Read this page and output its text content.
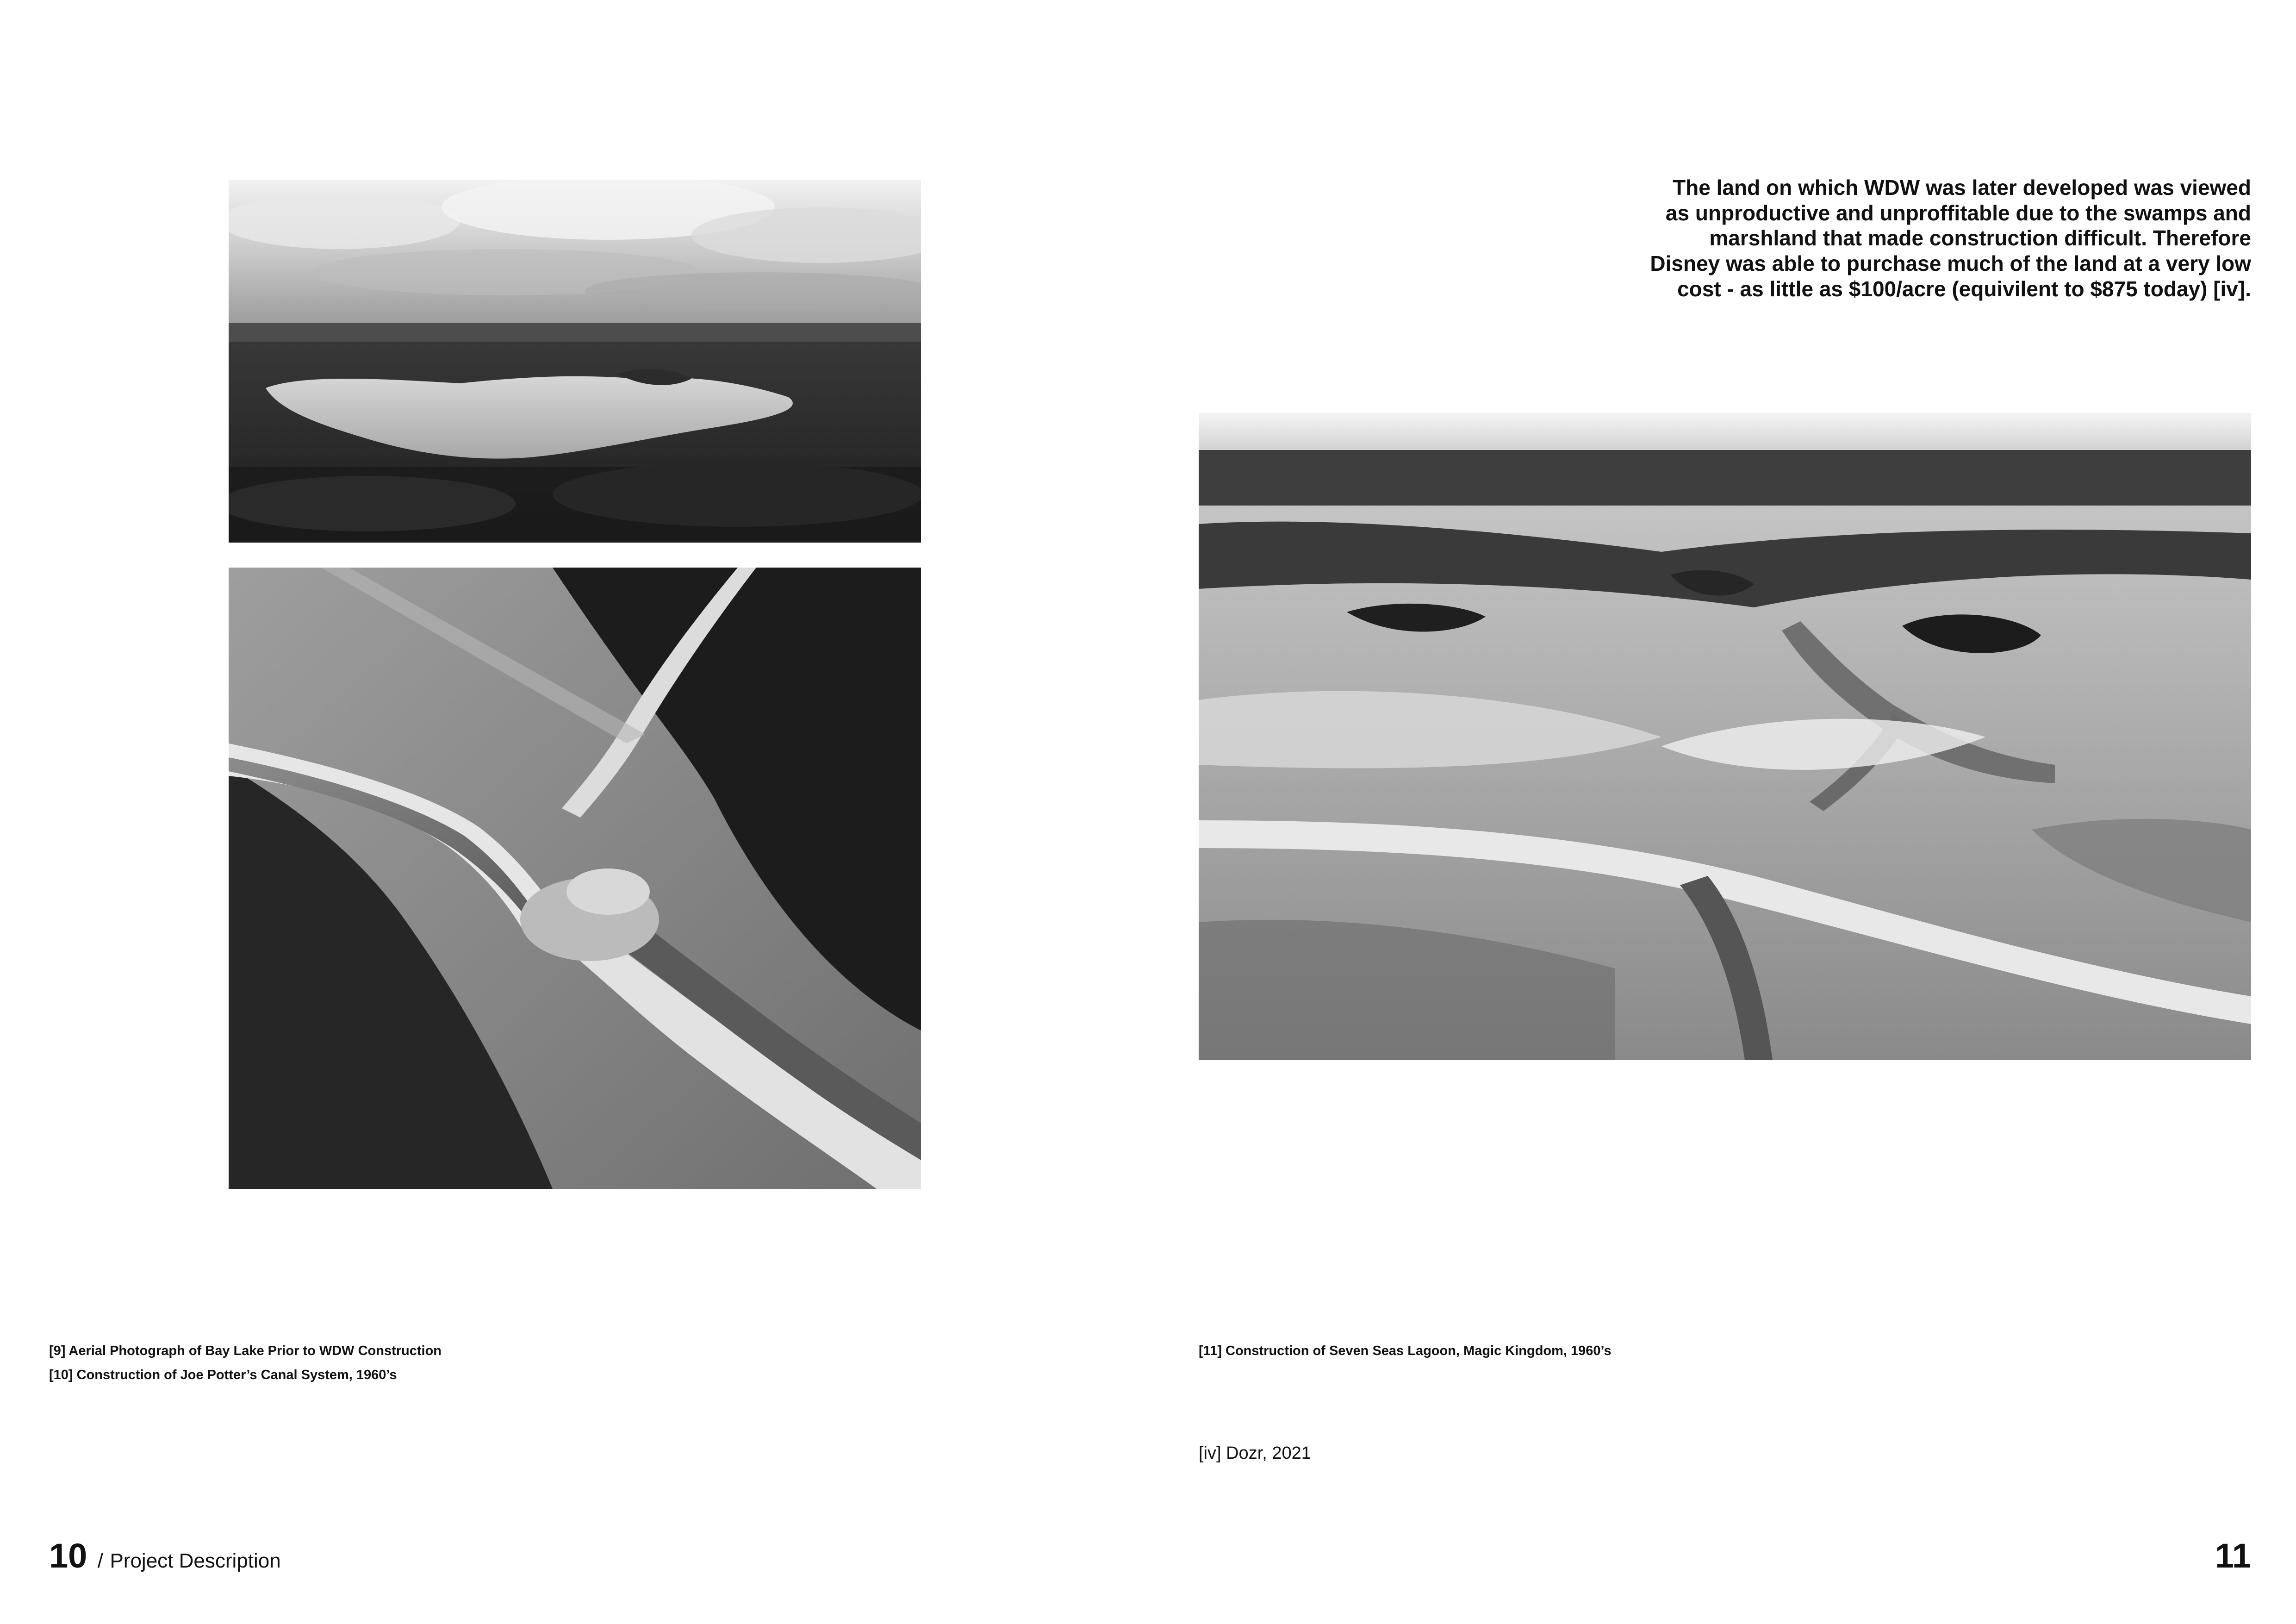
The land on which WDW was later developed was viewed
as unproductive and unproffitable due to the swamps and
marshland that made construction difficult. Therefore
Disney was able to purchase much of the land at a very low
cost - as little as $100/acre (equivilent to $875 today) [iv].
[9] Aerial Photograph of Bay Lake Prior to WDW Construction
[10] Construction of Joe Potter’s Canal System, 1960’s
[11] Construction of Seven Seas Lagoon, Magic Kingdom, 1960’s
[iv] Dozr, 2021
10 / Project Description	11
